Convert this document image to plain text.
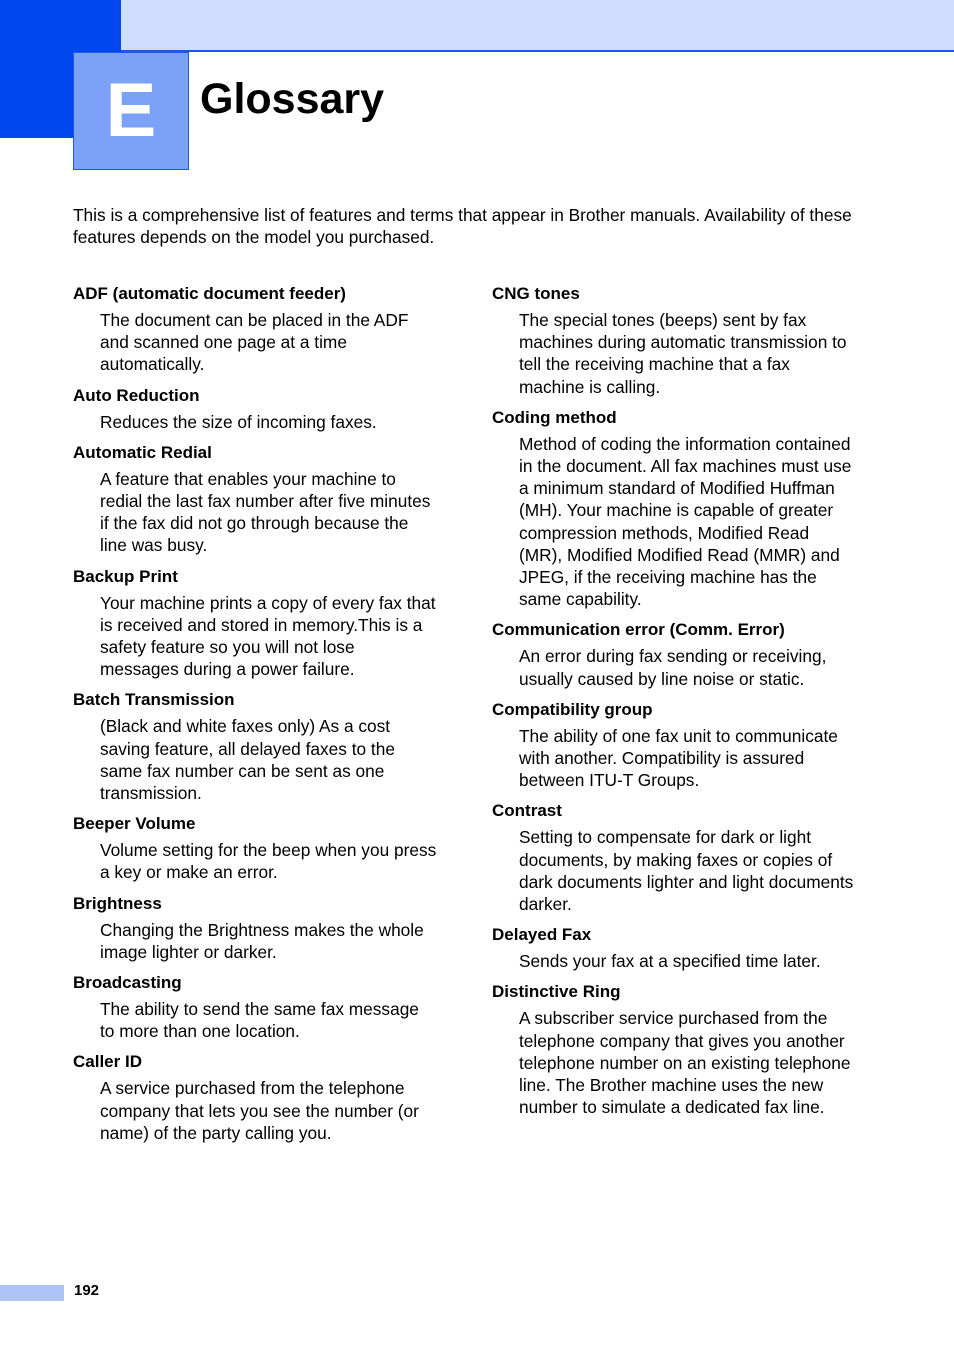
E Glossary

This is a comprehensive list of features and terms that appear in Brother manuals. Availability of these features depends on the model you purchased.

ADF (automatic document feeder)

The document can be placed in the ADF and scanned one page at a time automatically.

Auto Reduction

Reduces the size of incoming faxes.

Automatic Redial

A feature that enables your machine to redial the last fax number after five minutes if the fax did not go through because the line was busy.

Backup Print

Your machine prints a copy of every fax that is received and stored in memory.This is a safety feature so you will not lose messages during a power failure.

Batch Transmission

(Black and white faxes only) As a cost saving feature, all delayed faxes to the same fax number can be sent as one transmission.

Beeper Volume

Volume setting for the beep when you press a key or make an error.

Brightness

Changing the Brightness makes the whole image lighter or darker.

Broadcasting

The ability to send the same fax message to more than one location.

Caller ID

A service purchased from the telephone company that lets you see the number (or name) of the party calling you.

CNG tones

The special tones (beeps) sent by fax machines during automatic transmission to tell the receiving machine that a fax machine is calling.

Coding method

Method of coding the information contained in the document. All fax machines must use a minimum standard of Modified Huffman (MH). Your machine is capable of greater compression methods, Modified Read (MR), Modified Modified Read (MMR) and JPEG, if the receiving machine has the same capability.

Communication error (Comm. Error)

An error during fax sending or receiving, usually caused by line noise or static.

Compatibility group

The ability of one fax unit to communicate with another. Compatibility is assured between ITU-T Groups.

Contrast

Setting to compensate for dark or light documents, by making faxes or copies of dark documents lighter and light documents darker.

Delayed Fax

Sends your fax at a specified time later.

Distinctive Ring

A subscriber service purchased from the telephone company that gives you another telephone number on an existing telephone line. The Brother machine uses the new number to simulate a dedicated fax line.

192
